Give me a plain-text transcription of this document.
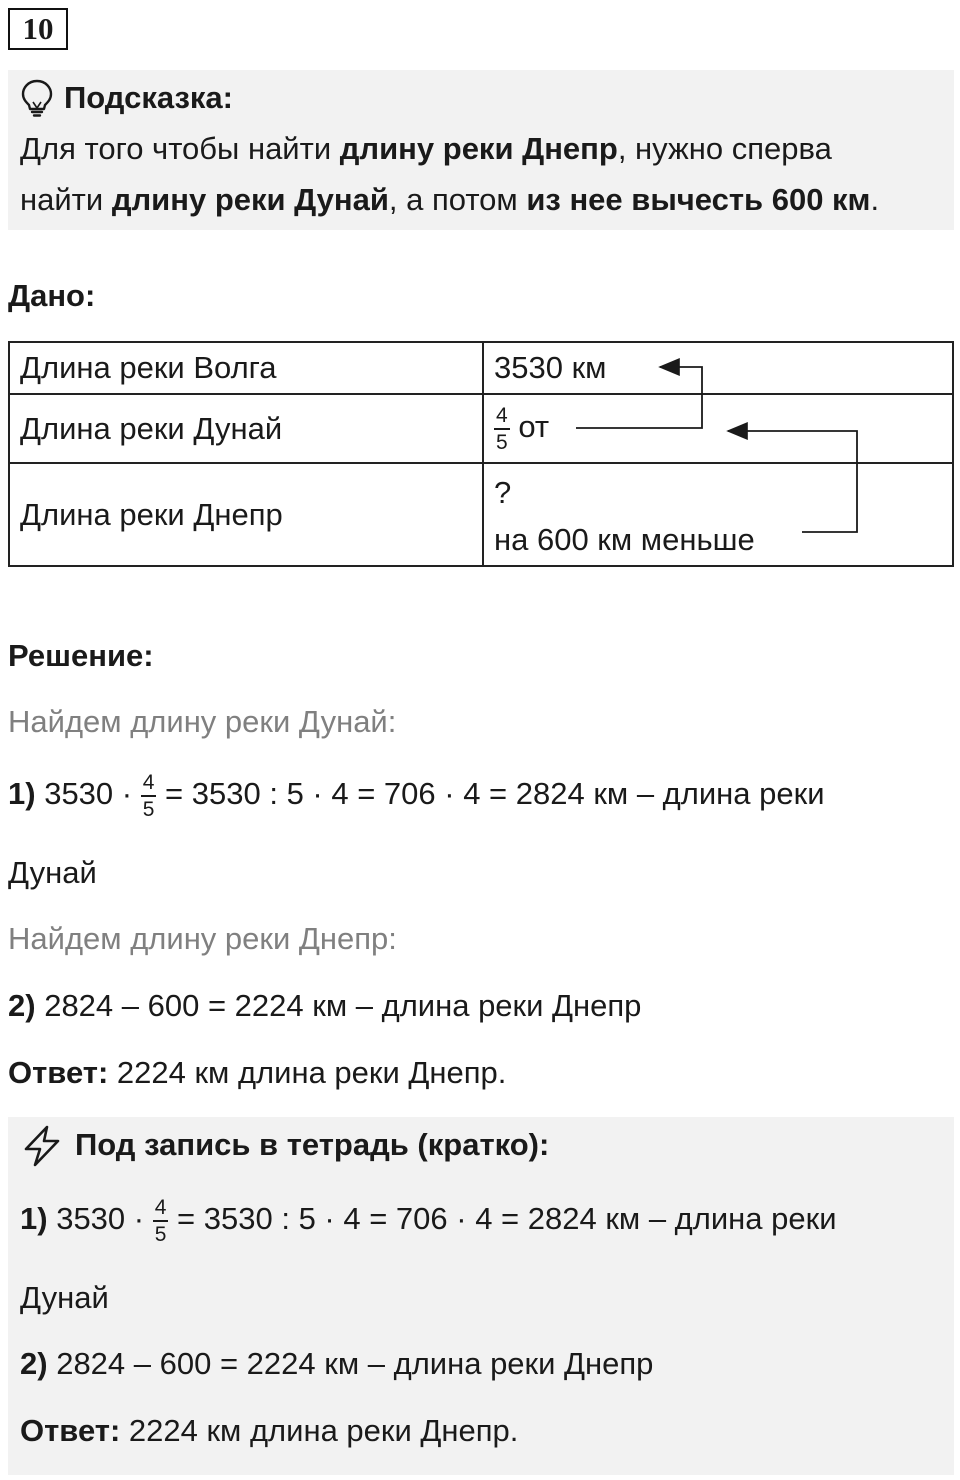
10
Подсказка:
Для того чтобы найти длину реки Днепр, нужно сперва
найти длину реки Дунай, а потом из нее вычесть 600 км.
Дано:
Длина реки Волга	3530 км
Длина реки Дунай	$\frac{4}{5}$ от
Длина реки Днепр	?
на 600 км меньше
Решение:
Найдем длину реки Дунай:
1) $3530 \cdot \frac{4}{5} = 3530$ : 5 · 4 = 706 · 4 = 2824 км – длина реки
Дунай
Найдем длину реки Днепр:
2) 2824 – 600 = 2224 км – длина реки Днепр
Ответ: 2224 км длина реки Днепр.
Под запись в тетрадь (кратко):
1) $3530 \cdot \frac{4}{5} = 3530$ : 5 · 4 = 706 · 4 = 2824 км – длина реки
Дунай
2) 2824 – 600 = 2224 км – длина реки Днепр
Ответ: 2224 км длина реки Днепр.
